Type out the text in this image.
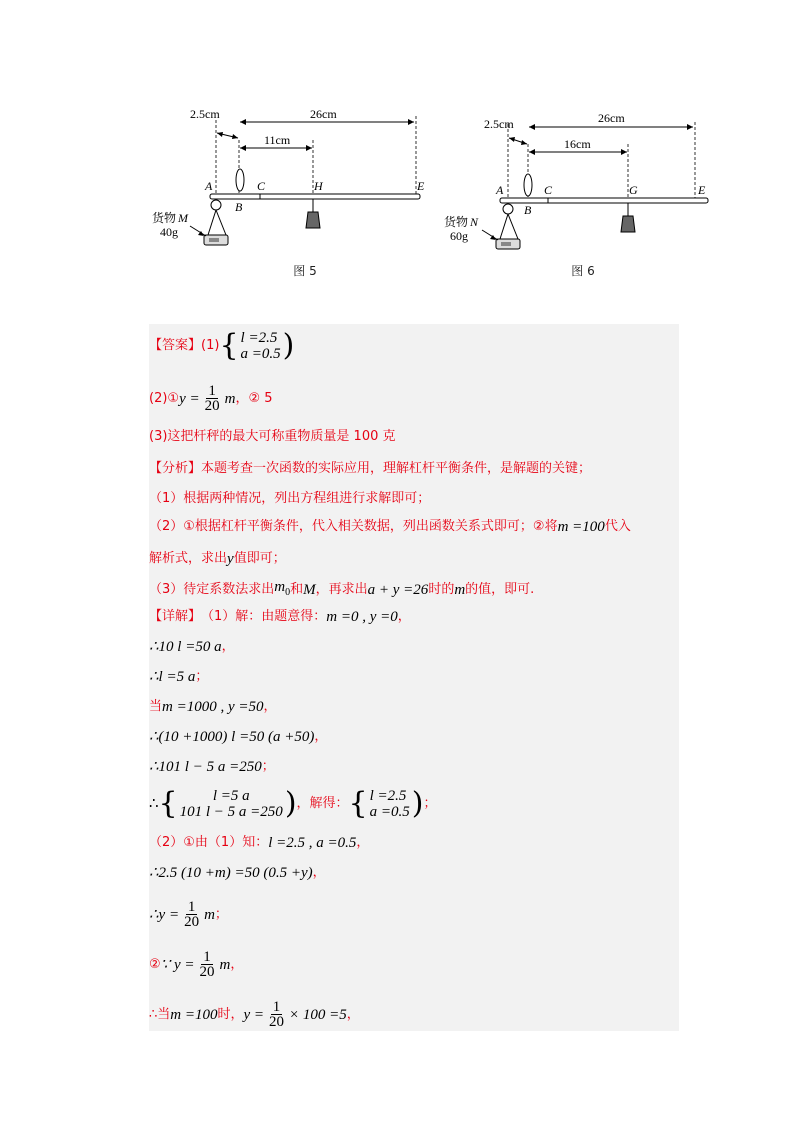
26cm
2.5cm
11cm
A
B
C	H	E
货物 M
40g
图 5
26cm
2.5cm
16cm
A
B
C	G	E
货物 N
60g
图 6
【答案】 (1) { l =2.5
a =0.5 )
(2)① $y = \frac{1}{20}$ m ，② 5
(3)这把杆秤的最大可称重物质量是 100 克
【分析】 本题考查一次函数的实际应用，理解杠杆平衡条件，是解题的关键；
（1）根据两种情况，列出方程组进行求解即可；
（2）①根据杠杆平衡条件，代入相关数据，列出函数关系式即可；②将 m =100 代入
解析式，求出 y 值即可；
（3）待定系数法求出 $m_0$ 和 M ，再求出 a + y =26 时的 m 的值，即可.
【详解】 （1）解：由题意得： m =0 , y =0 ，
∴10 l =50 a ，
∴l =5 a ；
当 m =1000 , y =50 ，
∴(10 +1000) l =50 (a +50) ，
∴101 l − 5 a =250 ；
∴ {	l =5 a
101 l − 5 a =250 ) ，解得： { l =2.5
a =0.5 ) ；
（2）①由（1）知： l =2.5 , a =0.5 ，
∴2.5 (10 +m) =50 (0.5 +y) ，
∴y = $\frac{1}{20}$ m ；
② ∵ $y = \frac{1}{20}$ m ，
∴当 m =100 时， $y = \frac{1}{20} \times 100 =5$ ，
